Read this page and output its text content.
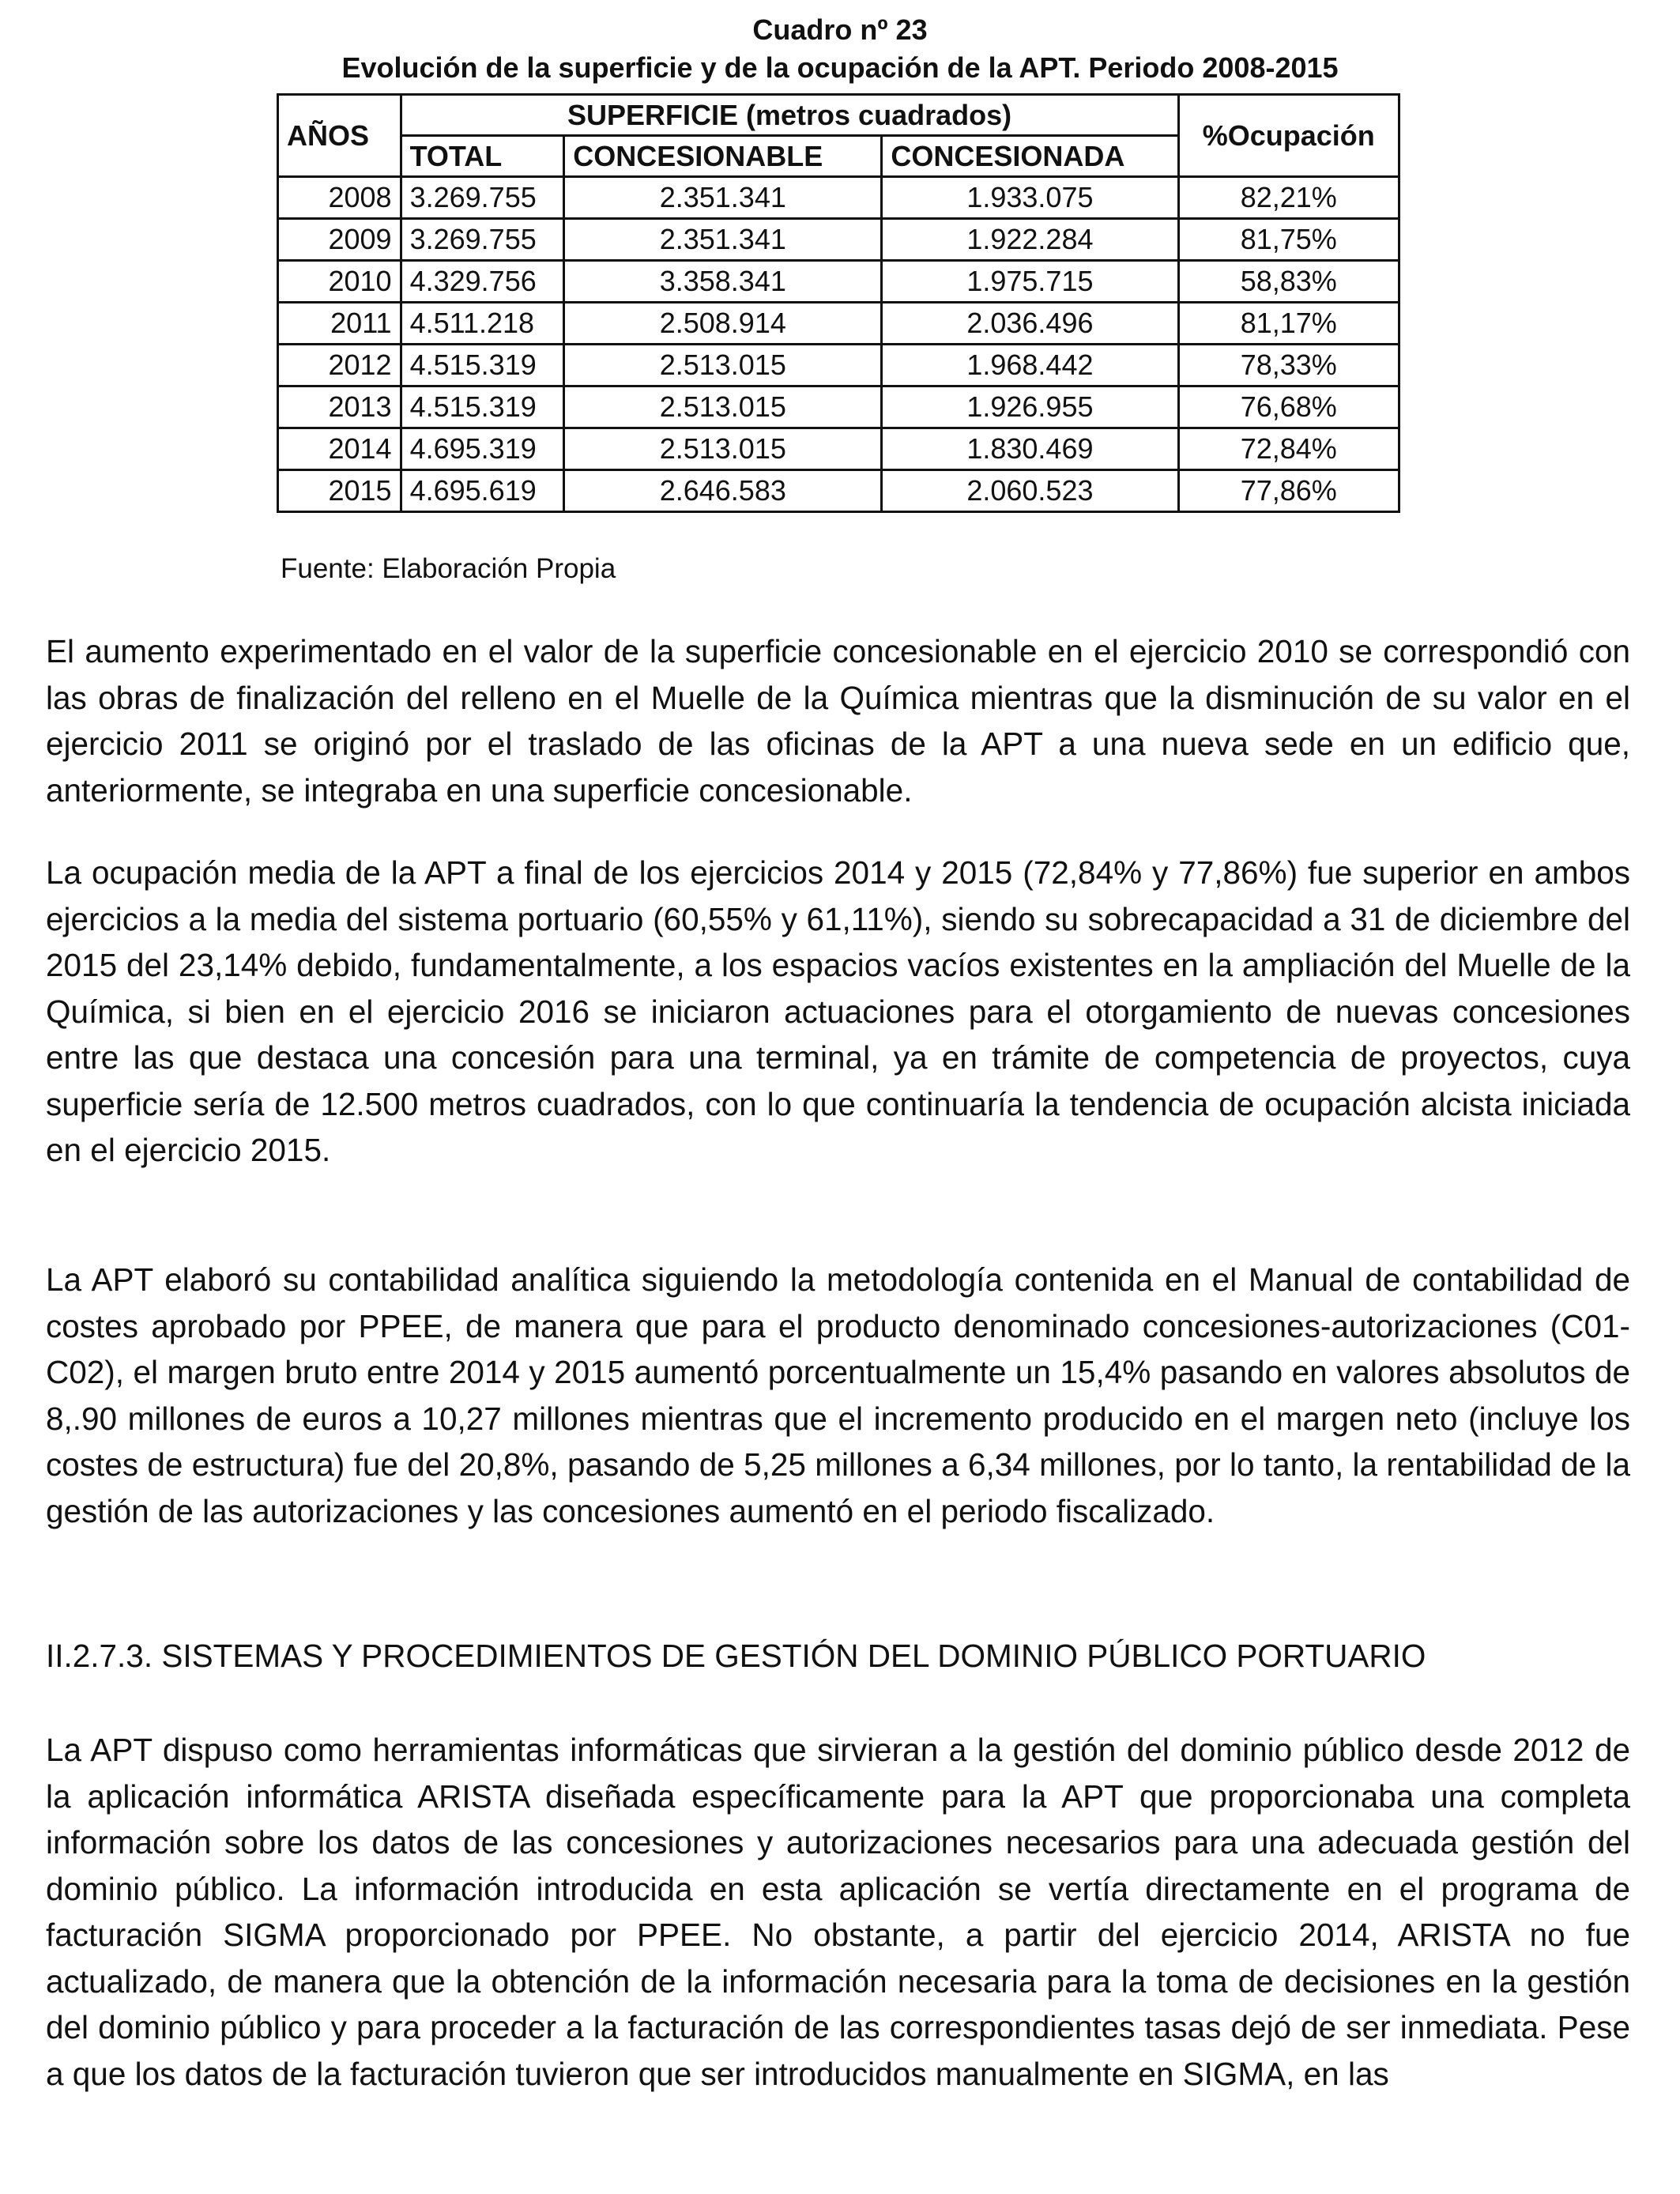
Cuadro nº 23
Evolución de la superficie y de la ocupación de la APT. Periodo 2008-2015
AÑOS	SUPERFICIE (metros cuadrados)			%Ocupación
	TOTAL	CONCESIONABLE	CONCESIONADA	
2008	3.269.755	2.351.341	1.933.075	82,21%
2009	3.269.755	2.351.341	1.922.284	81,75%
2010	4.329.756	3.358.341	1.975.715	58,83%
2011	4.511.218	2.508.914	2.036.496	81,17%
2012	4.515.319	2.513.015	1.968.442	78,33%
2013	4.515.319	2.513.015	1.926.955	76,68%
2014	4.695.319	2.513.015	1.830.469	72,84%
2015	4.695.619	2.646.583	2.060.523	77,86%
Fuente: Elaboración Propia

El aumento experimentado en el valor de la superficie concesionable en el ejercicio 2010 se correspondió con las obras de finalización del relleno en el Muelle de la Química mientras que la disminución de su valor en el ejercicio 2011 se originó por el traslado de las oficinas de la APT a una nueva sede en un edificio que, anteriormente, se integraba en una superficie concesionable.

La ocupación media de la APT a final de los ejercicios 2014 y 2015 (72,84% y 77,86%) fue superior en ambos ejercicios a la media del sistema portuario (60,55% y 61,11%), siendo su sobrecapacidad a 31 de diciembre del 2015 del 23,14% debido, fundamentalmente, a los espacios vacíos existentes en la ampliación del Muelle de la Química, si bien en el ejercicio 2016 se iniciaron actuaciones para el otorgamiento de nuevas concesiones entre las que destaca una concesión para una terminal, ya en trámite de competencia de proyectos, cuya superficie sería de 12.500 metros cuadrados, con lo que continuaría la tendencia de ocupación alcista iniciada en el ejercicio 2015.

La APT elaboró su contabilidad analítica siguiendo la metodología contenida en el Manual de contabilidad de costes aprobado por PPEE, de manera que para el producto denominado concesiones-autorizaciones (C01-C02), el margen bruto entre 2014 y 2015 aumentó porcentualmente un 15,4% pasando en valores absolutos de 8,.90 millones de euros a 10,27 millones mientras que el incremento producido en el margen neto (incluye los costes de estructura) fue del 20,8%, pasando de 5,25 millones a 6,34 millones, por lo tanto, la rentabilidad de la gestión de las autorizaciones y las concesiones aumentó en el periodo fiscalizado.

II.2.7.3. SISTEMAS Y PROCEDIMIENTOS DE GESTIÓN DEL DOMINIO PÚBLICO PORTUARIO

La APT dispuso como herramientas informáticas que sirvieran a la gestión del dominio público desde 2012 de la aplicación informática ARISTA diseñada específicamente para la APT que proporcionaba una completa información sobre los datos de las concesiones y autorizaciones necesarios para una adecuada gestión del dominio público. La información introducida en esta aplicación se vertía directamente en el programa de facturación SIGMA proporcionado por PPEE. No obstante, a partir del ejercicio 2014, ARISTA no fue actualizado, de manera que la obtención de la información necesaria para la toma de decisiones en la gestión del dominio público y para proceder a la facturación de las correspondientes tasas dejó de ser inmediata. Pese a que los datos de la facturación tuvieron que ser introducidos manualmente en SIGMA, en las
